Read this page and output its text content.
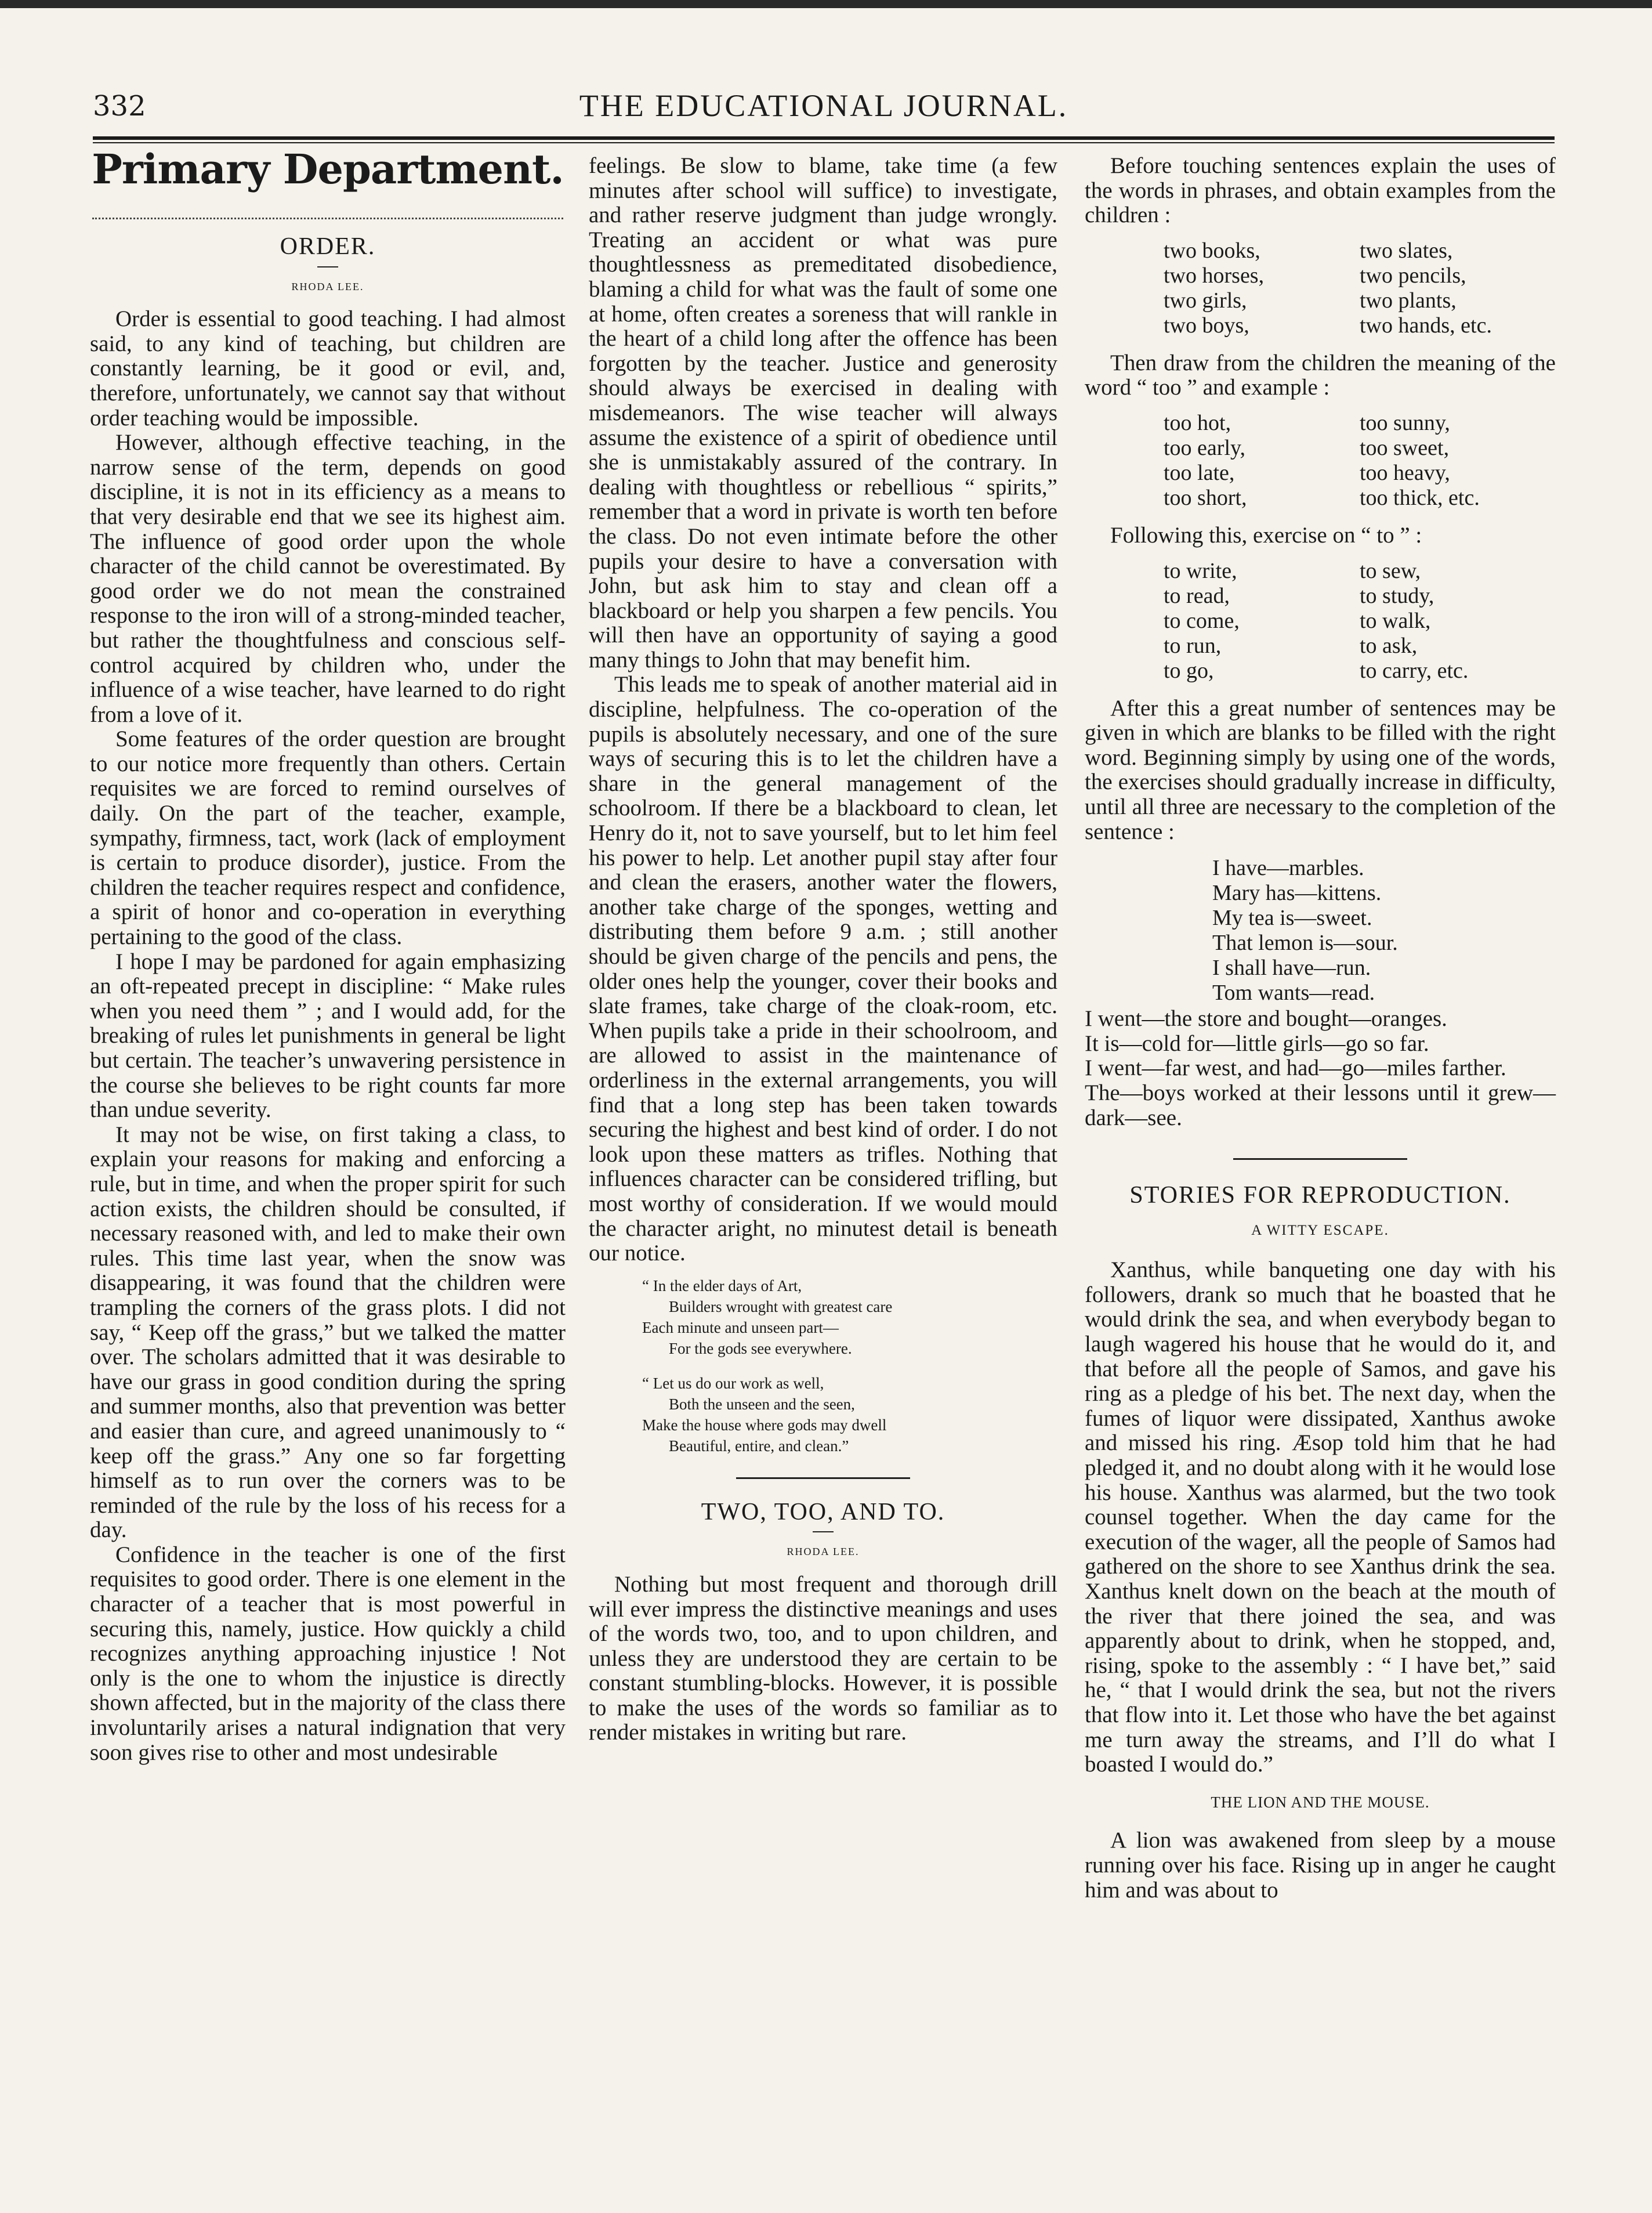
332	THE EDUCATIONAL JOURNAL.
Primary Department.
ORDER.
RHODA LEE.

Order is essential to good teaching. I had almost said, to any kind of teaching, but children are constantly learning, be it good or evil, and, therefore, unfortunately, we cannot say that without order teaching would be impossible.

However, although effective teaching, in the narrow sense of the term, depends on good discipline, it is not in its efficiency as a means to that very desirable end that we see its highest aim. The influence of good order upon the whole character of the child cannot be overestimated. By good order we do not mean the constrained response to the iron will of a strong-minded teacher, but rather the thoughtfulness and conscious self-control acquired by children who, under the influence of a wise teacher, have learned to do right from a love of it.

Some features of the order question are brought to our notice more frequently than others. Certain requisites we are forced to remind ourselves of daily. On the part of the teacher, example, sympathy, firmness, tact, work (lack of employment is certain to produce disorder), justice. From the children the teacher requires respect and confidence, a spirit of honor and co-operation in everything pertaining to the good of the class.

I hope I may be pardoned for again emphasizing an oft-repeated precept in discipline: “ Make rules when you need them ” ; and I would add, for the breaking of rules let punishments in general be light but certain. The teacher’s unwavering persistence in the course she believes to be right counts far more than undue severity.

It may not be wise, on first taking a class, to explain your reasons for making and enforcing a rule, but in time, and when the proper spirit for such action exists, the children should be consulted, if necessary reasoned with, and led to make their own rules. This time last year, when the snow was disappearing, it was found that the children were trampling the corners of the grass plots. I did not say, “ Keep off the grass,” but we talked the matter over. The scholars admitted that it was desirable to have our grass in good condition during the spring and summer months, also that prevention was better and easier than cure, and agreed unanimously to “ keep off the grass.” Any one so far forgetting himself as to run over the corners was to be reminded of the rule by the loss of his recess for a day.

Confidence in the teacher is one of the first requisites to good order. There is one element in the character of a teacher that is most powerful in securing this, namely, justice. How quickly a child recognizes anything approaching injustice ! Not only is the one to whom the injustice is directly shown affected, but in the majority of the class there involuntarily arises a natural indignation that very soon gives rise to other and most undesirable

feelings. Be slow to blame, take time (a few minutes after school will suffice) to investigate, and rather reserve judgment than judge wrongly. Treating an accident or what was pure thoughtlessness as premeditated disobedience, blaming a child for what was the fault of some one at home, often creates a soreness that will rankle in the heart of a child long after the offence has been forgotten by the teacher. Justice and generosity should always be exercised in dealing with misdemeanors. The wise teacher will always assume the existence of a spirit of obedience until she is unmistakably assured of the contrary. In dealing with thoughtless or rebellious “ spirits,” remember that a word in private is worth ten before the class. Do not even intimate before the other pupils your desire to have a conversation with John, but ask him to stay and clean off a blackboard or help you sharpen a few pencils. You will then have an opportunity of saying a good many things to John that may benefit him.

This leads me to speak of another material aid in discipline, helpfulness. The co-operation of the pupils is absolutely necessary, and one of the sure ways of securing this is to let the children have a share in the general management of the schoolroom. If there be a blackboard to clean, let Henry do it, not to save yourself, but to let him feel his power to help. Let another pupil stay after four and clean the erasers, another water the flowers, another take charge of the sponges, wetting and distributing them before 9 a.m. ; still another should be given charge of the pencils and pens, the older ones help the younger, cover their books and slate frames, take charge of the cloak-room, etc. When pupils take a pride in their schoolroom, and are allowed to assist in the maintenance of orderliness in the external arrangements, you will find that a long step has been taken towards securing the highest and best kind of order. I do not look upon these matters as trifles. Nothing that influences character can be considered trifling, but most worthy of consideration. If we would mould the character aright, no minutest detail is beneath our notice.

“ In the elder days of Art,
Builders wrought with greatest care
Each minute and unseen part—
For the gods see everywhere.
“ Let us do our work as well,
Both the unseen and the seen,
Make the house where gods may dwell
Beautiful, entire, and clean.”
TWO, TOO, AND TO.
RHODA LEE.

Nothing but most frequent and thorough drill will ever impress the distinctive meanings and uses of the words two, too, and to upon children, and unless they are understood they are certain to be constant stumbling-blocks. However, it is possible to make the uses of the words so familiar as to render mistakes in writing but rare.

Before touching sentences explain the uses of the words in phrases, and obtain examples from the children :

two books,	two slates,
two horses,	two pencils,
two girls,	two plants,
two boys,	two hands, etc.

Then draw from the children the meaning of the word “ too ” and example :

too hot,	too sunny,
too early,	too sweet,
too late,	too heavy,
too short,	too thick, etc.

Following this, exercise on “ to ” :

to write,	to sew,
to read,	to study,
to come,	to walk,
to run,	to ask,
to go,	to carry, etc.

After this a great number of sentences may be given in which are blanks to be filled with the right word. Beginning simply by using one of the words, the exercises should gradually increase in difficulty, until all three are necessary to the completion of the sentence :

I have—marbles.
Mary has—kittens.
My tea is—sweet.
That lemon is—sour.
I shall have—run.
Tom wants—read.

I went—the store and bought—oranges.

It is—cold for—little girls—go so far.

I went—far west, and had—go—miles farther.

The—boys worked at their lessons until it grew—dark—see.

STORIES FOR REPRODUCTION.
A WITTY ESCAPE.

Xanthus, while banqueting one day with his followers, drank so much that he boasted that he would drink the sea, and when everybody began to laugh wagered his house that he would do it, and that before all the people of Samos, and gave his ring as a pledge of his bet. The next day, when the fumes of liquor were dissipated, Xanthus awoke and missed his ring. Æsop told him that he had pledged it, and no doubt along with it he would lose his house. Xanthus was alarmed, but the two took counsel together. When the day came for the execution of the wager, all the people of Samos had gathered on the shore to see Xanthus drink the sea. Xanthus knelt down on the beach at the mouth of the river that there joined the sea, and was apparently about to drink, when he stopped, and, rising, spoke to the assembly : “ I have bet,” said he, “ that I would drink the sea, but not the rivers that flow into it. Let those who have the bet against me turn away the streams, and I’ll do what I boasted I would do.”

THE LION AND THE MOUSE.

A lion was awakened from sleep by a mouse running over his face. Rising up in anger he caught him and was about to
